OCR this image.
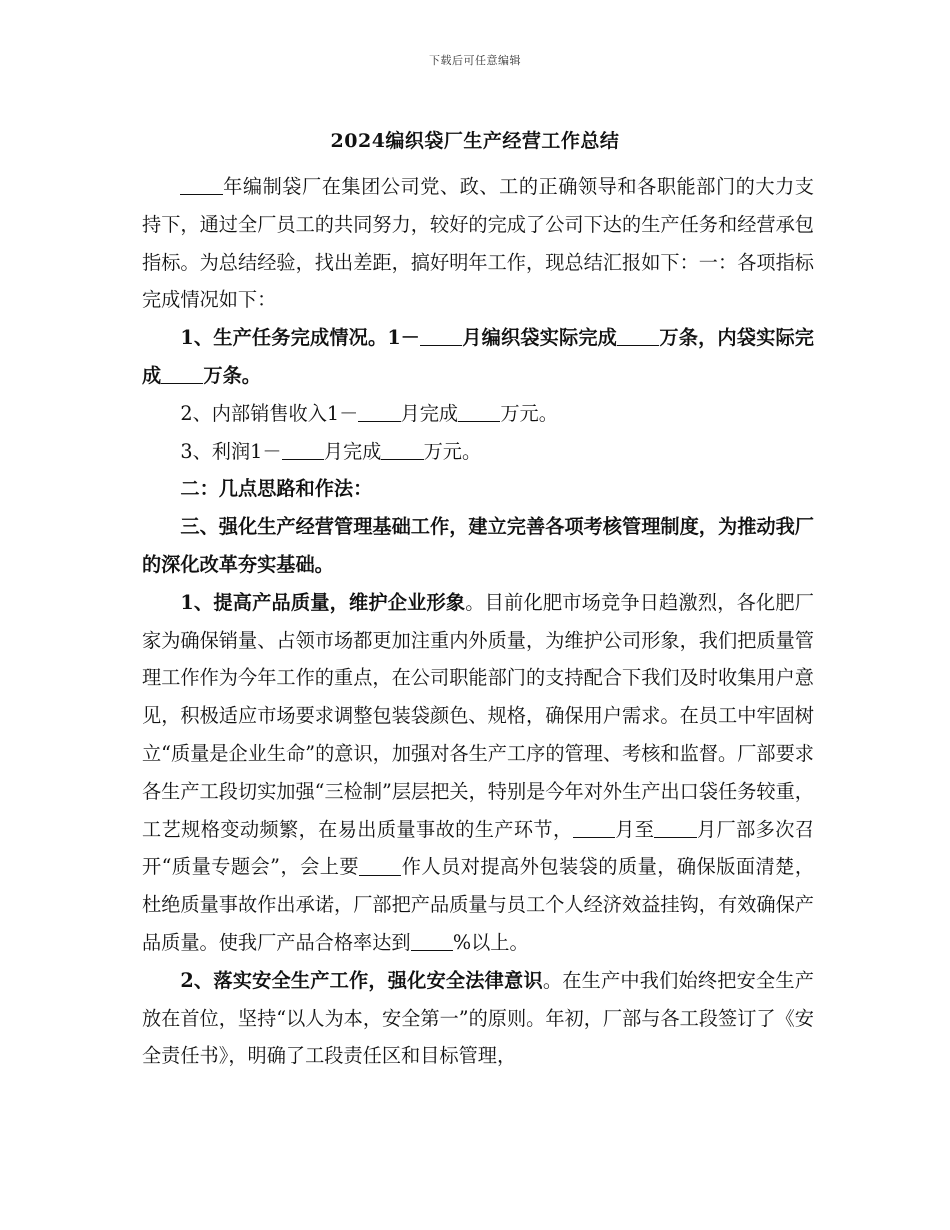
下载后可任意编辑
2024编织袋厂生产经营工作总结

年编制袋厂在集团公司党、政、工的正确领导和各职能部门的大力支持下，通过全厂员工的共同努力，较好的完成了公司下达的生产任务和经营承包指标。为总结经验，找出差距，搞好明年工作，现总结汇报如下：一：各项指标完成情况如下：

1、生产任务完成情况。1－ 月编织袋实际完成 万条，内袋实际完成 万条。

2、内部销售收入1－ 月完成 万元。

3、利润1－ 月完成 万元。

二：几点思路和作法：

三、强化生产经营管理基础工作，建立完善各项考核管理制度，为推动我厂的深化改革夯实基础。

1、提高产品质量，维护企业形象。目前化肥市场竞争日趋激烈，各化肥厂家为确保销量、占领市场都更加注重内外质量，为维护公司形象，我们把质量管理工作作为今年工作的重点，在公司职能部门的支持配合下我们及时收集用户意见，积极适应市场要求调整包装袋颜色、规格，确保用户需求。在员工中牢固树立“质量是企业生命”的意识，加强对各生产工序的管理、考核和监督。厂部要求各生产工段切实加强“三检制”层层把关，特别是今年对外生产出口袋任务较重，工艺规格变动频繁，在易出质量事故的生产环节， 月至 月厂部多次召开“质量专题会”，会上要 作人员对提高外包装袋的质量，确保版面清楚，杜绝质量事故作出承诺，厂部把产品质量与员工个人经济效益挂钩，有效确保产品质量。使我厂产品合格率达到 %以上。

2、落实安全生产工作，强化安全法律意识。在生产中我们始终把安全生产放在首位，坚持“以人为本，安全第一”的原则。年初，厂部与各工段签订了《安全责任书》，明确了工段责任区和目标管理，
